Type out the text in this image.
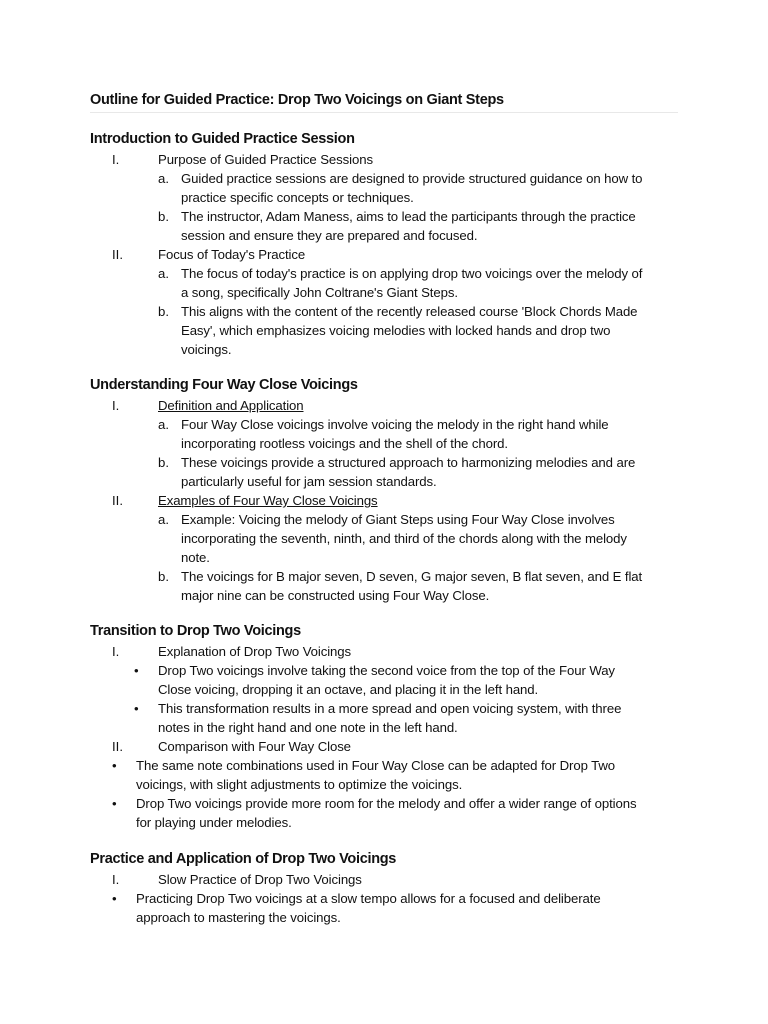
Outline for Guided Practice: Drop Two Voicings on Giant Steps
Introduction to Guided Practice Session
I.	Purpose of Guided Practice Sessions
a. Guided practice sessions are designed to provide structured guidance on how to
practice specific concepts or techniques.
b. The instructor, Adam Maness, aims to lead the participants through the practice
session and ensure they are prepared and focused.
II.	Focus of Today's Practice
a. The focus of today's practice is on applying drop two voicings over the melody of
a song, specifically John Coltrane's Giant Steps.
b. This aligns with the content of the recently released course 'Block Chords Made
Easy', which emphasizes voicing melodies with locked hands and drop two
voicings.
Understanding Four Way Close Voicings
I.	Definition and Application
a. Four Way Close voicings involve voicing the melody in the right hand while
incorporating rootless voicings and the shell of the chord.
b. These voicings provide a structured approach to harmonizing melodies and are
particularly useful for jam session standards.
II.	Examples of Four Way Close Voicings
a. Example: Voicing the melody of Giant Steps using Four Way Close involves
incorporating the seventh, ninth, and third of the chords along with the melody
note.
b. The voicings for B major seven, D seven, G major seven, B flat seven, and E flat
major nine can be constructed using Four Way Close.
Transition to Drop Two Voicings
I.	Explanation of Drop Two Voicings
• Drop Two voicings involve taking the second voice from the top of the Four Way
Close voicing, dropping it an octave, and placing it in the left hand.
• This transformation results in a more spread and open voicing system, with three
notes in the right hand and one note in the left hand.
II.	Comparison with Four Way Close
• The same note combinations used in Four Way Close can be adapted for Drop Two
voicings, with slight adjustments to optimize the voicings.
• Drop Two voicings provide more room for the melody and offer a wider range of options
for playing under melodies.
Practice and Application of Drop Two Voicings
I.	Slow Practice of Drop Two Voicings
• Practicing Drop Two voicings at a slow tempo allows for a focused and deliberate
approach to mastering the voicings.
